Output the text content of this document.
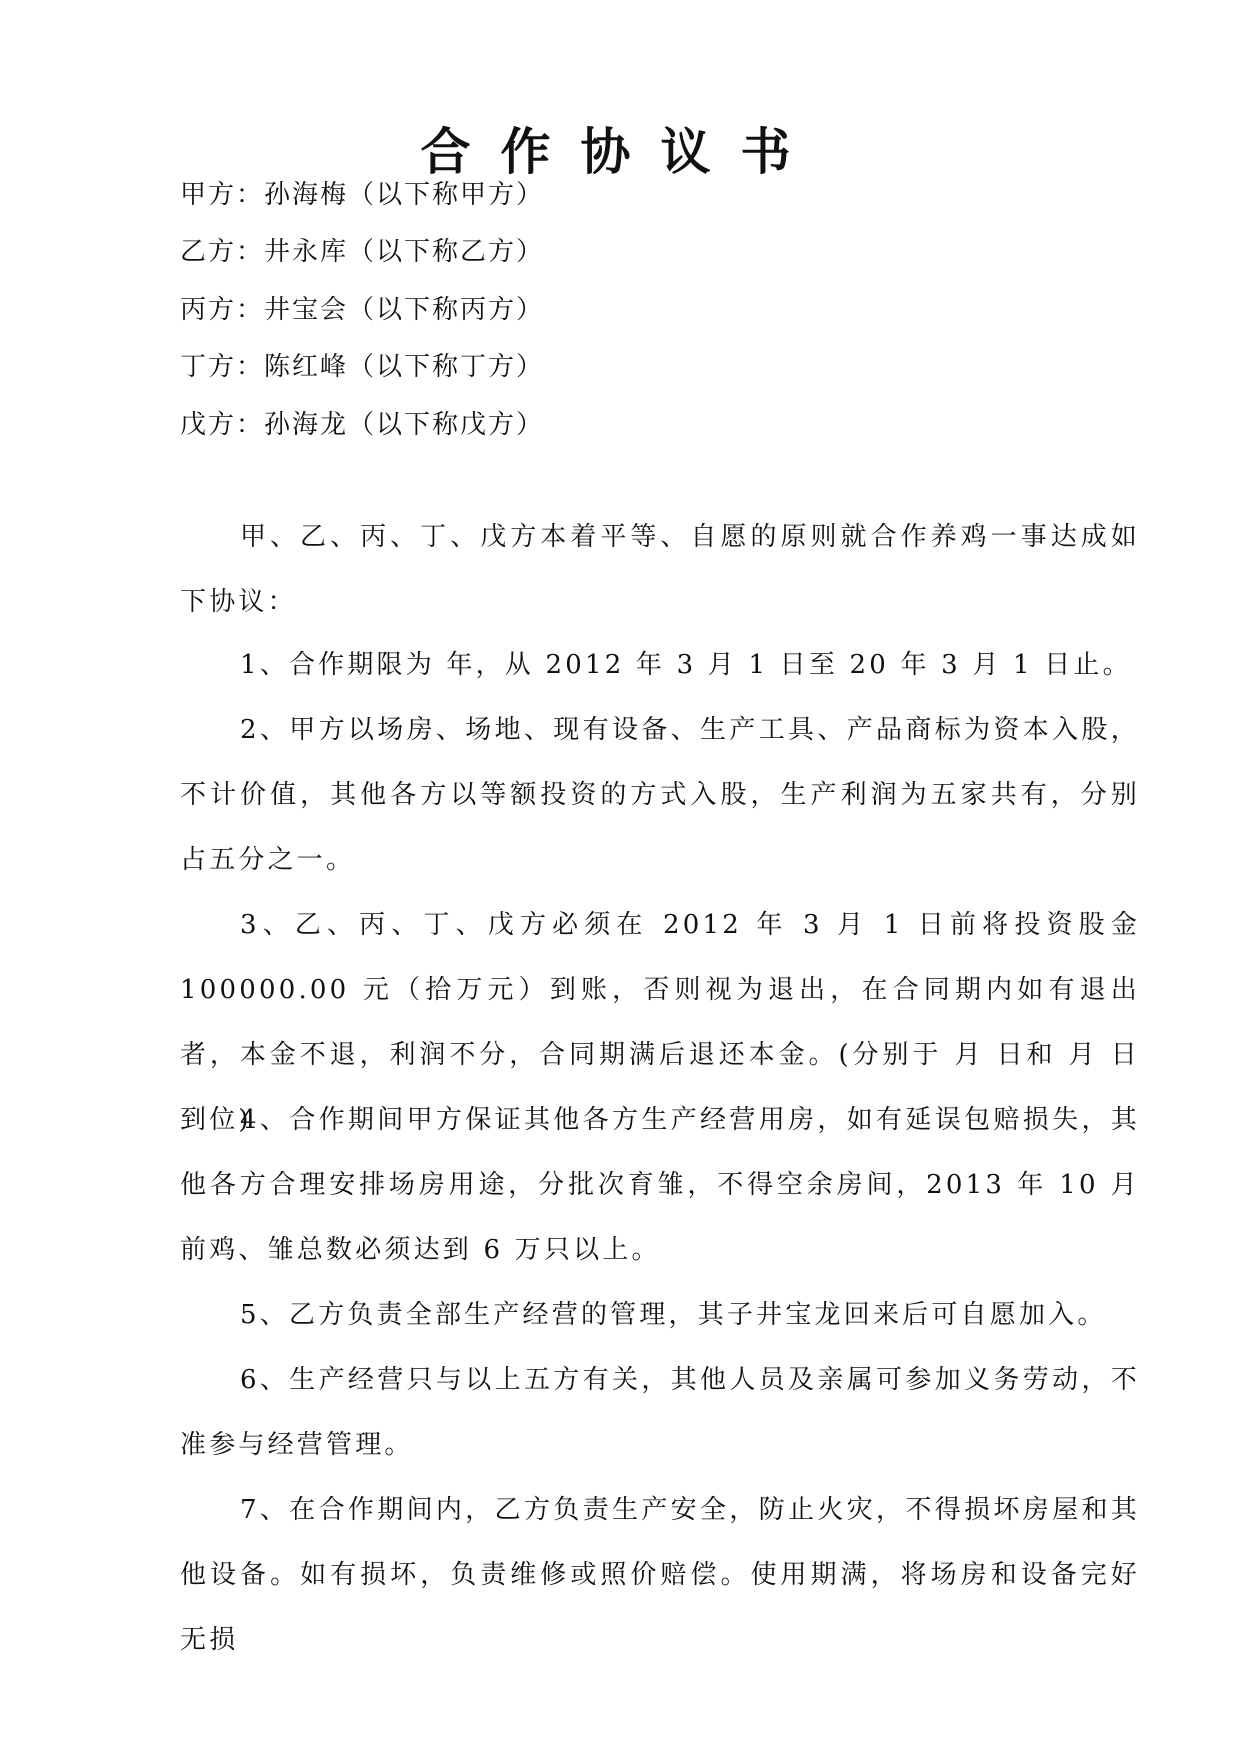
合作协议书
甲方：孙海梅（以下称甲方）
乙方：井永库（以下称乙方）
丙方：井宝会（以下称丙方）
丁方：陈红峰（以下称丁方）
戊方：孙海龙（以下称戊方）
甲、乙、丙、丁、戊方本着平等、自愿的原则就合作养鸡一事达成如下协议：
1、合作期限为 年，从 2012 年 3 月 1 日至 20 年 3 月 1 日止。
2、甲方以场房、场地、现有设备、生产工具、产品商标为资本入股，不计价值，其他各方以等额投资的方式入股，生产利润为五家共有，分别占五分之一。
3、乙、丙、丁、戊方必须在 2012 年 3 月 1 日前将投资股金 100000.00 元（拾万元）到账，否则视为退出，在合同期内如有退出者，本金不退，利润不分，合同期满后退还本金。(分别于 月 日和 月 日到位)
4、合作期间甲方保证其他各方生产经营用房，如有延误包赔损失，其他各方合理安排场房用途，分批次育雏，不得空余房间，2013 年 10 月前鸡、雏总数必须达到 6 万只以上。
5、乙方负责全部生产经营的管理，其子井宝龙回来后可自愿加入。
6、生产经营只与以上五方有关，其他人员及亲属可参加义务劳动，不准参与经营管理。
7、在合作期间内，乙方负责生产安全，防止火灾，不得损坏房屋和其他设备。如有损坏，负责维修或照价赔偿。使用期满，将场房和设备完好无损
